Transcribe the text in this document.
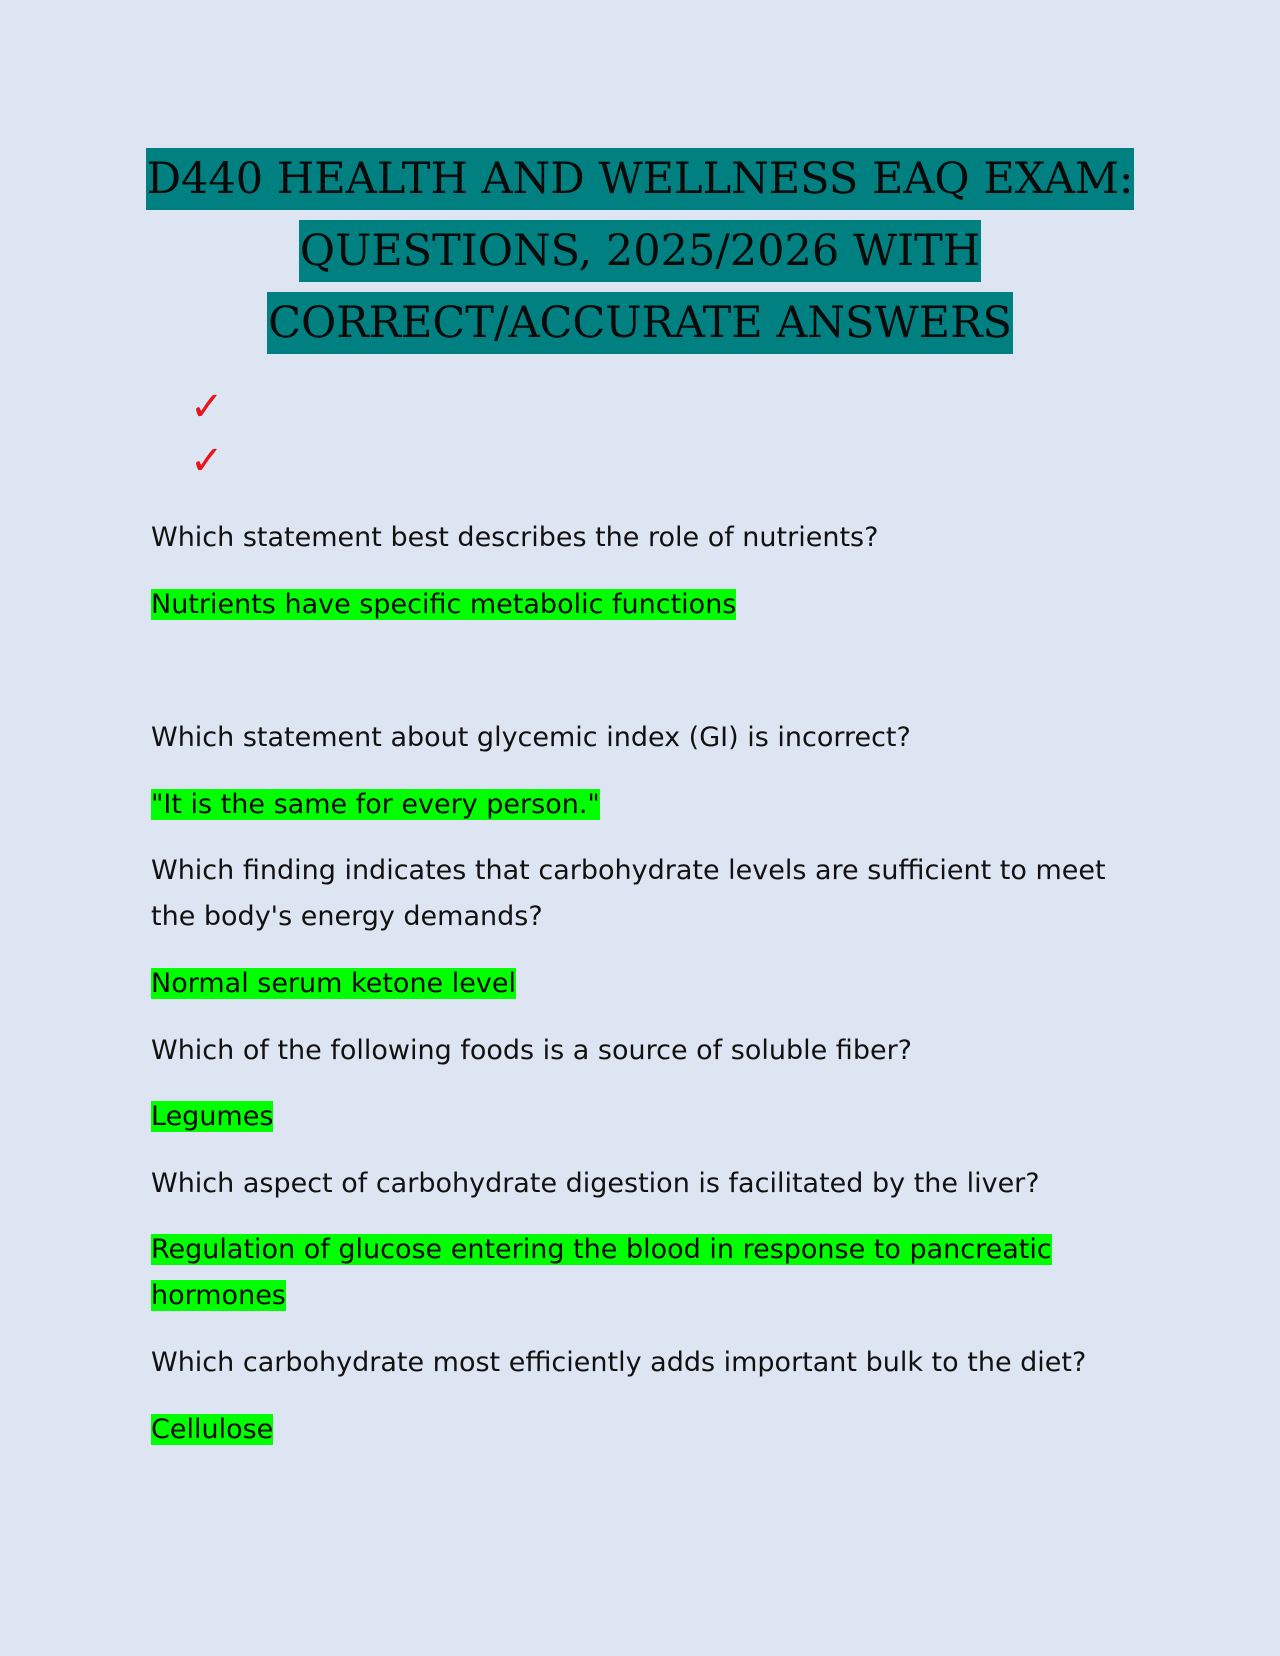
D440 HEALTH AND WELLNESS EAQ EXAM:
QUESTIONS, 2025/2026 WITH
CORRECT/ACCURATE ANSWERS
✓
✓

Which statement best describes the role of nutrients?

Nutrients have specific metabolic functions

Which statement about glycemic index (GI) is incorrect?

"It is the same for every person."

Which finding indicates that carbohydrate levels are sufficient to meet the body's energy demands?

Normal serum ketone level

Which of the following foods is a source of soluble fiber?

Legumes

Which aspect of carbohydrate digestion is facilitated by the liver?

Regulation of glucose entering the blood in response to pancreatic hormones

Which carbohydrate most efficiently adds important bulk to the diet?

Cellulose
